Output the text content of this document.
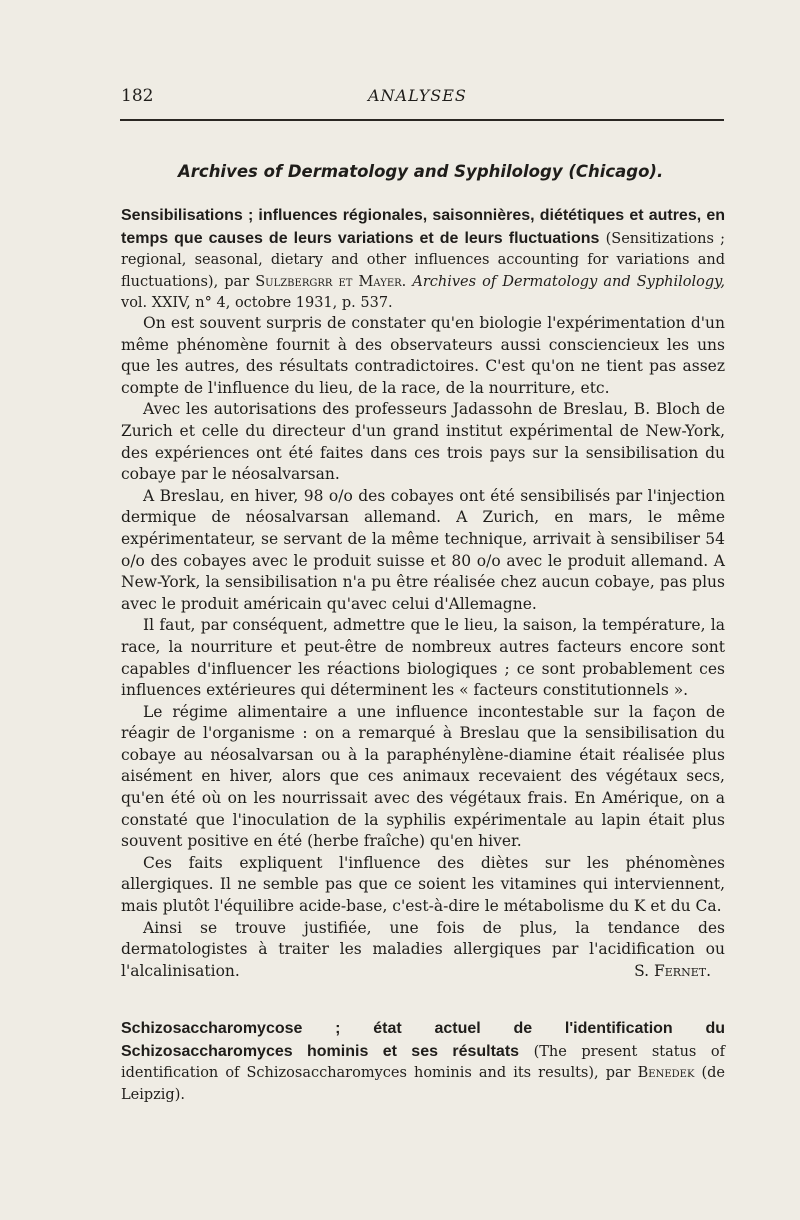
182	ANALYSES
Archives of Dermatology and Syphilology (Chicago).

Sensibilisations ; influences régionales, saisonnières, diététiques et autres, en temps que causes de leurs variations et de leurs fluctuations (Sensitizations ; regional, seasonal, dietary and other influences accounting for variations and fluctuations), par Sulzbergrr et Mayer. Archives of Dermatology and Syphilology, vol. XXIV, n° 4, octobre 1931, p. 537.

On est souvent surpris de constater qu'en biologie l'expérimentation d'un même phénomène fournit à des observateurs aussi consciencieux les uns que les autres, des résultats contradictoires. C'est qu'on ne tient pas assez compte de l'influence du lieu, de la race, de la nourriture, etc.

Avec les autorisations des professeurs Jadassohn de Breslau, B. Bloch de Zurich et celle du directeur d'un grand institut expérimental de New-York, des expériences ont été faites dans ces trois pays sur la sensibilisation du cobaye par le néosalvarsan.

A Breslau, en hiver, 98 o/o des cobayes ont été sensibilisés par l'injection dermique de néosalvarsan allemand. A Zurich, en mars, le même expérimentateur, se servant de la même technique, arrivait à sensibiliser 54 o/o des cobayes avec le produit suisse et 80 o/o avec le produit allemand. A New-York, la sensibilisation n'a pu être réalisée chez aucun cobaye, pas plus avec le produit américain qu'avec celui d'Allemagne.

Il faut, par conséquent, admettre que le lieu, la saison, la température, la race, la nourriture et peut-être de nombreux autres facteurs encore sont capables d'influencer les réactions biologiques ; ce sont probablement ces influences extérieures qui déterminent les « facteurs constitutionnels ».

Le régime alimentaire a une influence incontestable sur la façon de réagir de l'organisme : on a remarqué à Breslau que la sensibilisation du cobaye au néosalvarsan ou à la paraphénylène-diamine était réalisée plus aisément en hiver, alors que ces animaux recevaient des végétaux secs, qu'en été où on les nourrissait avec des végétaux frais. En Amérique, on a constaté que l'inoculation de la syphilis expérimentale au lapin était plus souvent positive en été (herbe fraîche) qu'en hiver.

Ces faits expliquent l'influence des diètes sur les phénomènes allergiques. Il ne semble pas que ce soient les vitamines qui interviennent, mais plutôt l'équilibre acide-base, c'est-à-dire le métabolisme du K et du Ca.

Ainsi se trouve justifiée, une fois de plus, la tendance des dermatologistes à traiter les maladies allergiques par l'acidification ou l'alcalinisation.	S. Fernet.

Schizosaccharomycose ; état actuel de l'identification du Schizosaccharomyces hominis et ses résultats (The present status of identification of Schizosaccharomyces hominis and its results), par Benedek (de Leipzig).
